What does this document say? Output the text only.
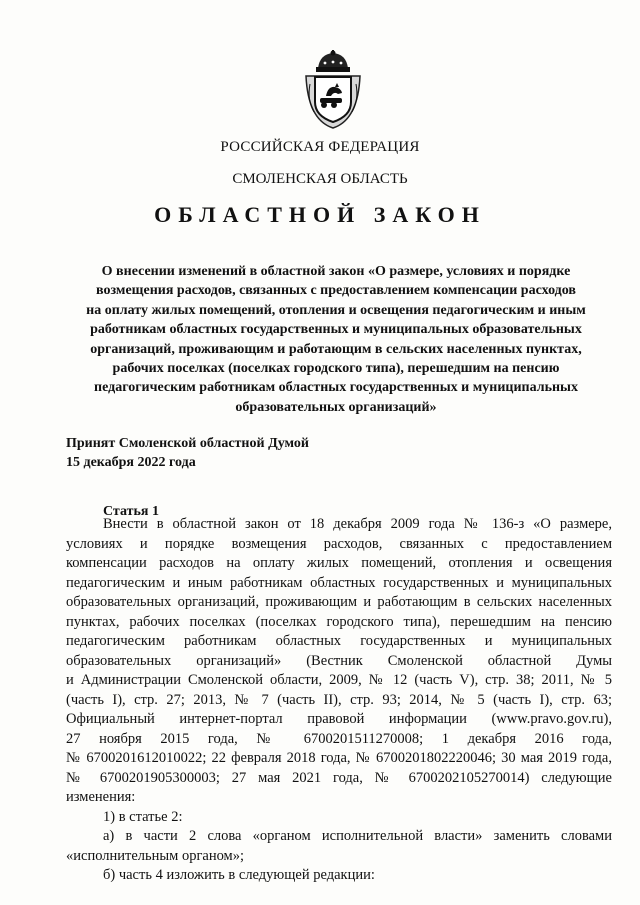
РОССИЙСКАЯ ФЕДЕРАЦИЯ
СМОЛЕНСКАЯ ОБЛАСТЬ
ОБЛАСТНОЙ ЗАКОН
О внесении изменений в областной закон «О размере, условиях и порядке
возмещения расходов, связанных с предоставлением компенсации расходов
на оплату жилых помещений, отопления и освещения педагогическим и иным
работникам областных государственных и муниципальных образовательных
организаций, проживающим и работающим в сельских населенных пунктах,
рабочих поселках (поселках городского типа), перешедшим на пенсию
педагогическим работникам областных государственных и муниципальных
образовательных организаций»
Принят Смоленской областной Думой
15 декабря 2022 года
Статья 1
Внести в областной закон от 18 декабря 2009 года № 136-з «О размере,
условиях и порядке возмещения расходов, связанных с предоставлением
компенсации расходов на оплату жилых помещений, отопления и освещения
педагогическим и иным работникам областных государственных и муниципальных
образовательных организаций, проживающим и работающим в сельских населенных
пунктах, рабочих поселках (поселках городского типа), перешедшим на пенсию
педагогическим работникам областных государственных и муниципальных
образовательных организаций» (Вестник Смоленской областной Думы
и Администрации Смоленской области, 2009, № 12 (часть V), стр. 38; 2011, № 5
(часть I), стр. 27; 2013, № 7 (часть II), стр. 93; 2014, № 5 (часть I), стр. 63;
Официальный интернет-портал правовой информации (www.pravo.gov.ru),
27 ноября 2015 года, № 6700201511270008; 1 декабря 2016 года,
№ 6700201612010022; 22 февраля 2018 года, № 6700201802220046; 30 мая 2019 года,
№ 6700201905300003; 27 мая 2021 года, № 6700202105270014) следующие
изменения:
1) в статье 2:
а) в части 2 слова «органом исполнительной власти» заменить словами
«исполнительным органом»;
б) часть 4 изложить в следующей редакции:
